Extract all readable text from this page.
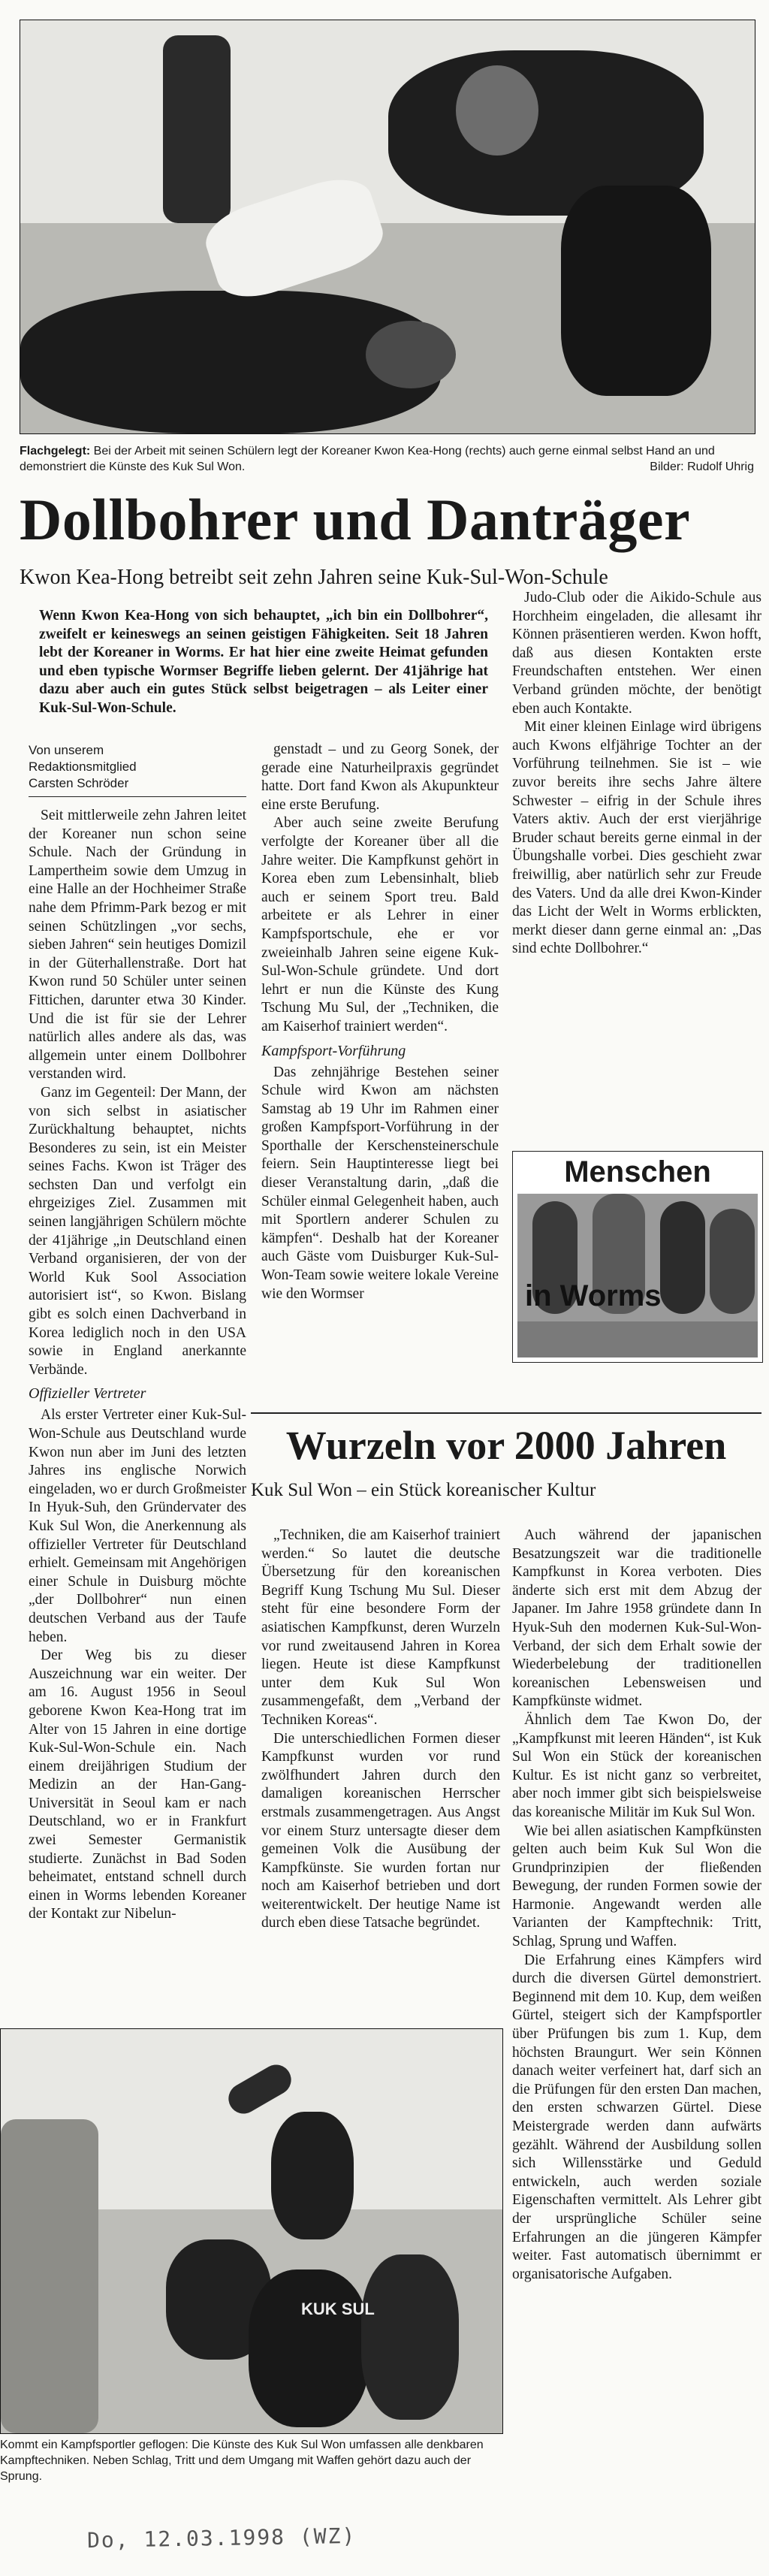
Flachgelegt: Bei der Arbeit mit seinen Schülern legt der Koreaner Kwon Kea-Hong (rechts) auch gerne einmal selbst Hand an und demonstriert die Künste des Kuk Sul Won.	Bilder: Rudolf Uhrig
Dollbohrer und Danträger
Kwon Kea-Hong betreibt seit zehn Jahren seine Kuk-Sul-Won-Schule
Wenn Kwon Kea-Hong von sich behauptet, „ich bin ein Dollbohrer“, zweifelt er keineswegs an seinen geistigen Fähigkeiten. Seit 18 Jahren lebt der Koreaner in Worms. Er hat hier eine zweite Heimat gefunden und eben typische Wormser Begriffe lieben gelernt. Der 41jährige hat dazu aber auch ein gutes Stück selbst beigetragen – als Leiter einer Kuk-Sul-Won-Schule.
Von unserem
Redaktionsmitglied
Carsten Schröder

Seit mittlerweile zehn Jahren leitet der Koreaner nun schon seine Schule. Nach der Gründung in Lampertheim sowie dem Umzug in eine Halle an der Hochheimer Straße nahe dem Pfrimm-Park bezog er mit seinen Schützlingen „vor sechs, sieben Jahren“ sein heutiges Domizil in der Güterhallenstraße. Dort hat Kwon rund 50 Schüler unter seinen Fittichen, darunter etwa 30 Kinder. Und die ist für sie der Lehrer natürlich alles andere als das, was allgemein unter einem Dollbohrer verstanden wird.

Ganz im Gegenteil: Der Mann, der von sich selbst in asiatischer Zurückhaltung behauptet, nichts Besonderes zu sein, ist ein Meister seines Fachs. Kwon ist Träger des sechsten Dan und verfolgt ein ehrgeiziges Ziel. Zusammen mit seinen langjährigen Schülern möchte der 41jährige „in Deutschland einen Verband organisieren, der von der World Kuk Sool Association autorisiert ist“, so Kwon. Bislang gibt es solch einen Dachverband in Korea lediglich noch in den USA sowie in England anerkannte Verbände.

Offizieller Vertreter

Als erster Vertreter einer Kuk-Sul-Won-Schule aus Deutschland wurde Kwon nun aber im Juni des letzten Jahres ins englische Norwich eingeladen, wo er durch Großmeister In Hyuk-Suh, den Gründervater des Kuk Sul Won, die Anerkennung als offizieller Vertreter für Deutschland erhielt. Gemeinsam mit Angehörigen einer Schule in Duisburg möchte „der Dollbohrer“ nun einen deutschen Verband aus der Taufe heben.

Der Weg bis zu dieser Auszeichnung war ein weiter. Der am 16. August 1956 in Seoul geborene Kwon Kea-Hong trat im Alter von 15 Jahren in eine dortige Kuk-Sul-Won-Schule ein. Nach einem dreijährigen Studium der Medizin an der Han-Gang-Universität in Seoul kam er nach Deutschland, wo er in Frankfurt zwei Semester Germanistik studierte. Zunächst in Bad Soden beheimatet, entstand schnell durch einen in Worms lebenden Koreaner der Kontakt zur Nibelun-

genstadt – und zu Georg Sonek, der gerade eine Naturheilpraxis gegründet hatte. Dort fand Kwon als Akupunkteur eine erste Berufung.

Aber auch seine zweite Berufung verfolgte der Koreaner über all die Jahre weiter. Die Kampfkunst gehört in Korea eben zum Lebensinhalt, blieb auch er seinem Sport treu. Bald arbeitete er als Lehrer in einer Kampfsportschule, ehe er vor zweieinhalb Jahren seine eigene Kuk-Sul-Won-Schule gründete. Und dort lehrt er nun die Künste des Kung Tschung Mu Sul, der „Techniken, die am Kaiserhof trainiert werden“.

Kampfsport-Vorführung

Das zehnjährige Bestehen seiner Schule wird Kwon am nächsten Samstag ab 19 Uhr im Rahmen einer großen Kampfsport-Vorführung in der Sporthalle der Kerschensteinerschule feiern. Sein Hauptinteresse liegt bei dieser Veranstaltung darin, „daß die Schüler einmal Gelegenheit haben, auch mit Sportlern anderer Schulen zu kämpfen“. Deshalb hat der Koreaner auch Gäste vom Duisburger Kuk-Sul-Won-Team sowie weitere lokale Vereine wie den Wormser

Judo-Club oder die Aikido-Schule aus Horchheim eingeladen, die allesamt ihr Können präsentieren werden. Kwon hofft, daß aus diesen Kontakten erste Freundschaften entstehen. Wer einen Verband gründen möchte, der benötigt eben auch Kontakte.

Mit einer kleinen Einlage wird übrigens auch Kwons elfjährige Tochter an der Vorführung teilnehmen. Sie ist – wie zuvor bereits ihre sechs Jahre ältere Schwester – eifrig in der Schule ihres Vaters aktiv. Auch der erst vierjährige Bruder schaut bereits gerne einmal in der Übungshalle vorbei. Dies geschieht zwar freiwillig, aber natürlich sehr zur Freude des Vaters. Und da alle drei Kwon-Kinder das Licht der Welt in Worms erblickten, merkt dieser dann gerne einmal an: „Das sind echte Dollbohrer.“

Menschen
in Worms
Wurzeln vor 2000 Jahren
Kuk Sul Won – ein Stück koreanischer Kultur

„Techniken, die am Kaiserhof trainiert werden.“ So lautet die deutsche Übersetzung für den koreanischen Begriff Kung Tschung Mu Sul. Dieser steht für eine besondere Form der asiatischen Kampfkunst, deren Wurzeln vor rund zweitausend Jahren in Korea liegen. Heute ist diese Kampfkunst unter dem Kuk Sul Won zusammengefaßt, dem „Verband der Techniken Koreas“.

Die unterschiedlichen Formen dieser Kampfkunst wurden vor rund zwölfhundert Jahren durch den damaligen koreanischen Herrscher erstmals zusammengetragen. Aus Angst vor einem Sturz untersagte dieser dem gemeinen Volk die Ausübung der Kampfkünste. Sie wurden fortan nur noch am Kaiserhof betrieben und dort weiterentwickelt. Der heutige Name ist durch eben diese Tatsache begründet.

Auch während der japanischen Besatzungszeit war die traditionelle Kampfkunst in Korea verboten. Dies änderte sich erst mit dem Abzug der Japaner. Im Jahre 1958 gründete dann In Hyuk-Suh den modernen Kuk-Sul-Won-Verband, der sich dem Erhalt sowie der Wiederbelebung der traditionellen koreanischen Lebensweisen und Kampfkünste widmet.

Ähnlich dem Tae Kwon Do, der „Kampfkunst mit leeren Händen“, ist Kuk Sul Won ein Stück der koreanischen Kultur. Es ist nicht ganz so verbreitet, aber noch immer gibt sich beispielsweise das koreanische Militär im Kuk Sul Won.

Wie bei allen asiatischen Kampfkünsten gelten auch beim Kuk Sul Won die Grundprinzipien der fließenden Bewegung, der runden Formen sowie der Harmonie. Angewandt werden alle Varianten der Kampftechnik: Tritt, Schlag, Sprung und Waffen.

Die Erfahrung eines Kämpfers wird durch die diversen Gürtel demonstriert. Beginnend mit dem 10. Kup, dem weißen Gürtel, steigert sich der Kampfsportler über Prüfungen bis zum 1. Kup, dem höchsten Braungurt. Wer sein Können danach weiter verfeinert hat, darf sich an die Prüfungen für den ersten Dan machen, den ersten schwarzen Gürtel. Diese Meistergrade werden dann aufwärts gezählt. Während der Ausbildung sollen sich Willensstärke und Geduld entwickeln, auch werden soziale Eigenschaften vermittelt. Als Lehrer gibt der ursprüngliche Schüler seine Erfahrungen an die jüngeren Kämpfer weiter. Fast automatisch übernimmt er organisatorische Aufgaben.

KUK SUL
Kommt ein Kampfsportler geflogen: Die Künste des Kuk Sul Won umfassen alle denkbaren Kampftechniken. Neben Schlag, Tritt und dem Umgang mit Waffen gehört dazu auch der Sprung.
Do, 12.03.1998 (WZ)
